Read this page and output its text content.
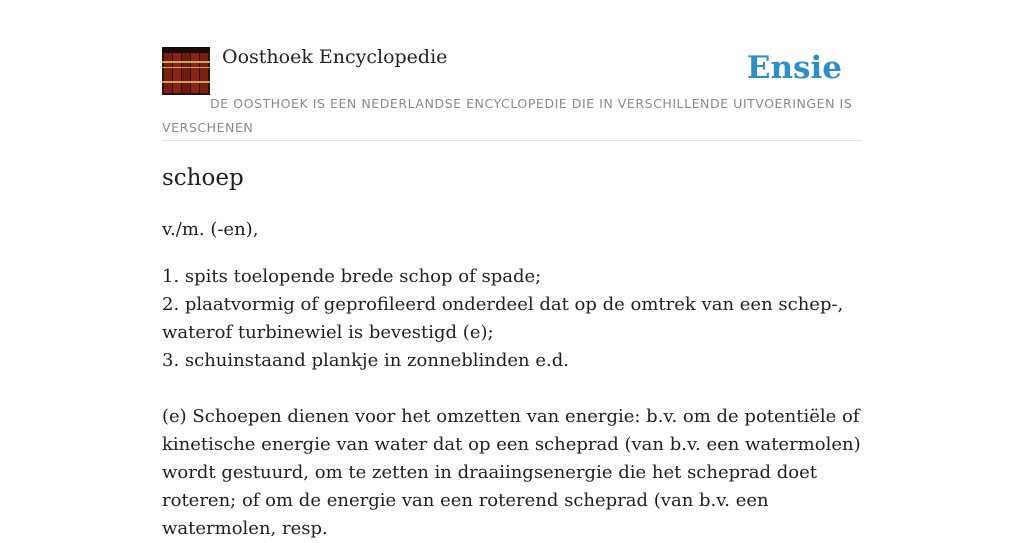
Oosthoek Encyclopedie	Ensie
DE OOSTHOEK IS EEN NEDERLANDSE ENCYCLOPEDIE DIE IN VERSCHILLENDE UITVOERINGEN IS VERSCHENEN
schoep

v./m. (-en),

1. spits toelopende brede schop of spade;

2. plaatvormig of geprofileerd onderdeel dat op de omtrek van een schep-, waterof turbinewiel is bevestigd (e);

3. schuinstaand plankje in zonneblinden e.d.

(e) Schoepen dienen voor het omzetten van energie: b.v. om de potentiële of kinetische energie van water dat op een scheprad (van b.v. een watermolen) wordt gestuurd, om te zetten in draaiingsenergie die het scheprad doet roteren; of om de energie van een roterend scheprad (van b.v. een watermolen, resp.
